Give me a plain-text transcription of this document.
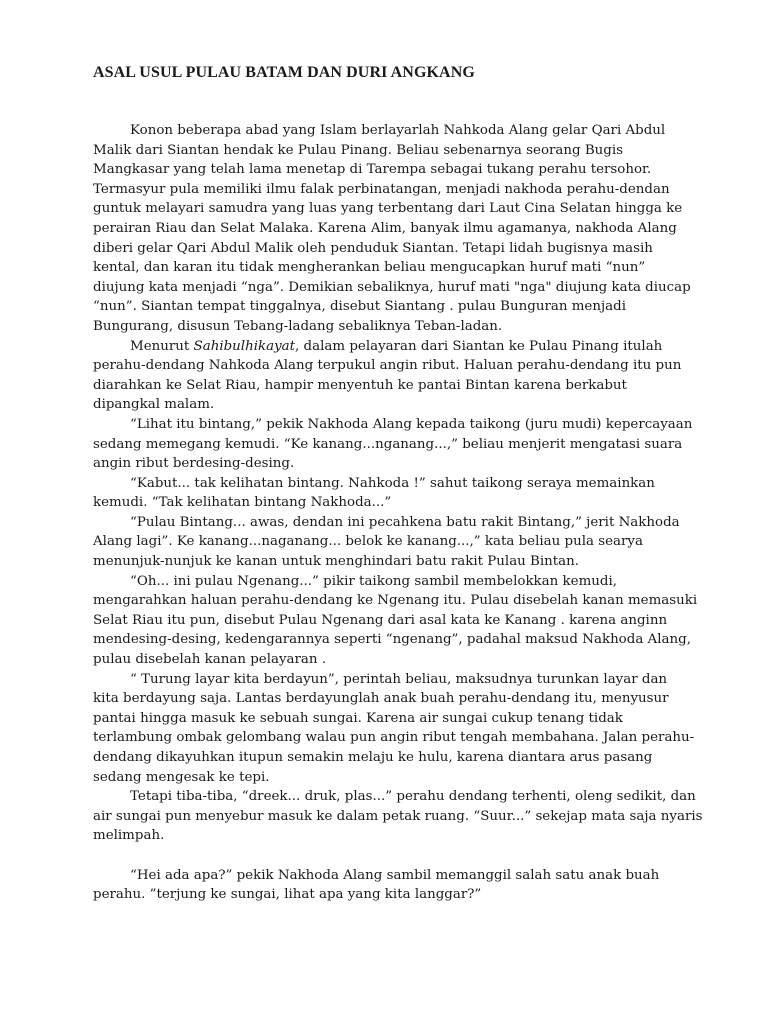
ASAL USUL PULAU BATAM DAN DURI ANGKANG
Konon beberapa abad yang Islam berlayarlah Nahkoda Alang gelar Qari Abdul
Malik dari Siantan hendak ke Pulau Pinang. Beliau sebenarnya seorang Bugis
Mangkasar yang telah lama menetap di Tarempa sebagai tukang perahu tersohor.
Termasyur pula memiliki ilmu falak perbinatangan, menjadi nakhoda perahu-dendan
guntuk melayari samudra yang luas yang terbentang dari Laut Cina Selatan hingga ke
perairan Riau dan Selat Malaka. Karena Alim, banyak ilmu agamanya, nakhoda Alang
diberi gelar Qari Abdul Malik oleh penduduk Siantan. Tetapi lidah bugisnya masih
kental, dan karan itu tidak mengherankan beliau mengucapkan huruf mati “nun”
diujung kata menjadi “nga”. Demikian sebaliknya, huruf mati "nga" diujung kata diucap
“nun”. Siantan tempat tinggalnya, disebut Siantang . pulau Bunguran menjadi
Bungurang, disusun Tebang-ladang sebaliknya Teban-ladan.
Menurut Sahibulhikayat, dalam pelayaran dari Siantan ke Pulau Pinang itulah
perahu-dendang Nahkoda Alang terpukul angin ribut. Haluan perahu-dendang itu pun
diarahkan ke Selat Riau, hampir menyentuh ke pantai Bintan karena berkabut
dipangkal malam.
“Lihat itu bintang,” pekik Nakhoda Alang kepada taikong (juru mudi) kepercayaan
sedang memegang kemudi. “Ke kanang...nganang...,” beliau menjerit mengatasi suara
angin ribut berdesing-desing.
“Kabut... tak kelihatan bintang. Nahkoda !” sahut taikong seraya memainkan
kemudi. “Tak kelihatan bintang Nakhoda...”
“Pulau Bintang... awas, dendan ini pecahkena batu rakit Bintang,” jerit Nakhoda
Alang lagi”. Ke kanang...naganang... belok ke kanang...,” kata beliau pula searya
menunjuk-nunjuk ke kanan untuk menghindari batu rakit Pulau Bintan.
“Oh... ini pulau Ngenang...” pikir taikong sambil membelokkan kemudi,
mengarahkan haluan perahu-dendang ke Ngenang itu. Pulau disebelah kanan memasuki
Selat Riau itu pun, disebut Pulau Ngenang dari asal kata ke Kanang . karena anginn
mendesing-desing, kedengarannya seperti “ngenang”, padahal maksud Nakhoda Alang,
pulau disebelah kanan pelayaran .
“ Turung layar kita berdayun”, perintah beliau, maksudnya turunkan layar dan
kita berdayung saja. Lantas berdayunglah anak buah perahu-dendang itu, menyusur
pantai hingga masuk ke sebuah sungai. Karena air sungai cukup tenang tidak
terlambung ombak gelombang walau pun angin ribut tengah membahana. Jalan perahu-
dendang dikayuhkan itupun semakin melaju ke hulu, karena diantara arus pasang
sedang mengesak ke tepi.
Tetapi tiba-tiba, “dreek... druk, plas...” perahu dendang terhenti, oleng sedikit, dan
air sungai pun menyebur masuk ke dalam petak ruang. “Suur...” sekejap mata saja nyaris
melimpah.
“Hei ada apa?” pekik Nakhoda Alang sambil memanggil salah satu anak buah
perahu. ”terjung ke sungai, lihat apa yang kita langgar?”
